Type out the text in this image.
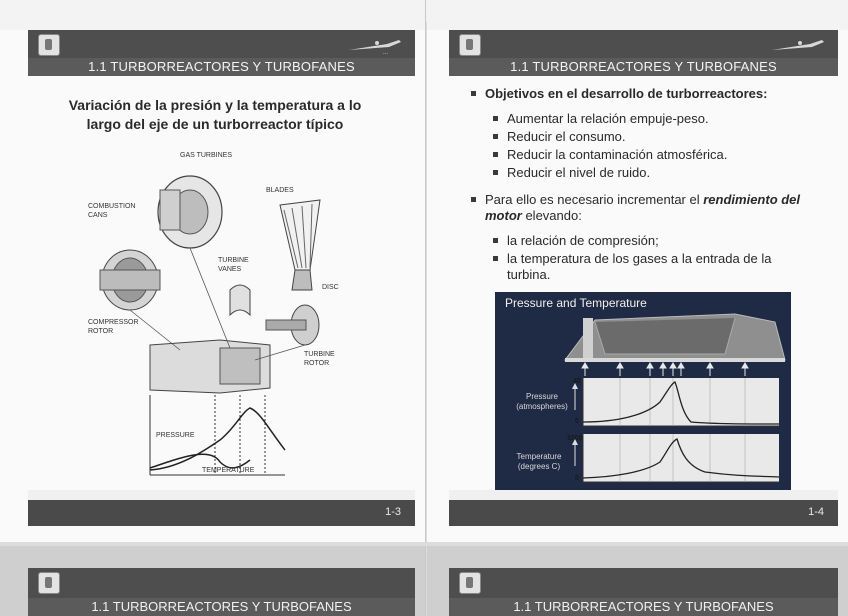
...
1.1 TURBORREACTORES Y TURBOFANES
Variación de la presión y la temperatura a lo largo del eje de un turborreactor típico
GAS TURBINES
COMBUSTION CANS
BLADES
TURBINE VANES
DISC
COMPRESSOR ROTOR
TURBINE ROTOR
PRESSURE
TEMPERATURE
1-3
1.1 TURBORREACTORES Y TURBOFANES
Objetivos en el desarrollo de turborreactores:
Aumentar la relación empuje-peso.
Reducir el consumo.
Reducir la contaminación atmosférica.
Reducir el nivel de ruido.
Para ello es necesario incrementar el rendimiento del motor elevando:
la relación de compresión;
la temperatura de los gases a la entrada de la turbina.
Pressure and Temperature
Pressure (atmospheres)
40
0
Temperature (degrees C)
1500
0
1-4
1.1 TURBORREACTORES Y TURBOFANES	1.1 TURBORREACTORES Y TURBOFANES
